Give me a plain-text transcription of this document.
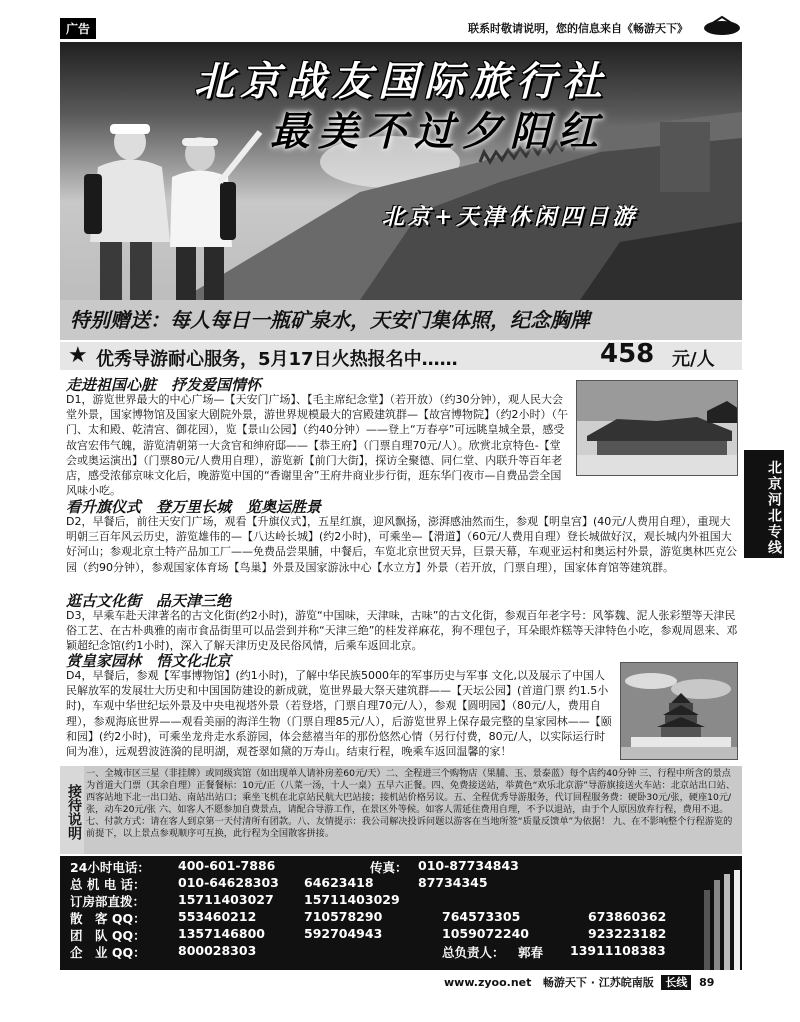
广告	联系时敬请说明，您的信息来自《畅游天下》
北京战友国际旅行社
最美不过夕阳红
北京+天津休闲四日游
特别赠送：每人每日一瓶矿泉水，天安门集体照，纪念胸牌
★ 优秀导游耐心服务，5月17日火热报名中……	458 元/人
走进祖国心脏　抒发爱国情怀
D1，游览世界最大的中心广场—【天安门广场】、【毛主席纪念堂】（若开放）（约30分钟），观人民大会堂外景，国家博物馆及国家大剧院外景，游世界规模最大的宫殿建筑群—【故宫博物院】（约2小时）（午门、太和殿、乾清宫、御花园），览【景山公园】（约40分钟）——登上“万春亭”可远眺皇城全景，感受故宫宏伟气魄，游览清朝第一大贪官和绅府邸——【恭王府】（门票自理70元/人）。欣赏北京特色-【堂会或奥运演出】（门票80元/人费用自理），游览新【前门大街】，探访全聚德、同仁堂、内联升等百年老店，感受浓郁京味文化后，晚游览中国的“香谢里舍”王府井商业步行街，逛东华门夜市—自费品尝全国风味小吃。
看升旗仪式　登万里长城　览奥运胜景
D2，早餐后，前往天安门广场，观看【升旗仪式】，五星红旗，迎风飘扬，澎湃感油然而生，参观【明皇宫】(40元/人费用自理），重现大明朝三百年风云历史，游览雄伟的—【八达岭长城】(约2小时)，可乘坐—【滑道】（60元/人费用自理）登长城做好汉，观长城内外祖国大好河山；参观北京土特产品加工厂——免费品尝果脯，中餐后，车览北京世贸天异，巨景天幕，车观亚运村和奥运村外景，游览奥林匹克公园（约90分钟），参观国家体育场【鸟巢】外景及国家游泳中心【水立方】外景（若开放，门票自理），国家体育馆等建筑群。
逛古文化街　品天津三绝
D3，早乘车赴天津著名的古文化街(约2小时)，游览“中国味，天津味，古味”的古文化街，参观百年老字号：风筝魏、泥人张彩塑等天津民俗工艺、在古朴典雅的南市食品街里可以品尝到并称“天津三绝”的桂发祥麻花，狗不理包子，耳朵眼炸糕等天津特色小吃，参观周恩来、邓颖超纪念馆(约1小时)，深入了解天津历史及民俗风情，后乘车返回北京。
赏皇家园林　悟文化北京
D4，早餐后，参观【军事博物馆】(约1小时)，了解中华民族5000年的军事历史与军事 文化,以及展示了中国人民解放军的发展壮大历史和中国国防建设的新成就，览世界最大祭天建筑群——【天坛公园】(首道门票 约1.5小时)，车观中华世纪坛外景及中央电视塔外景（若登塔，门票自理70元/人），参观【圆明园】（80元/人，费用自理），参观海底世界——观看美丽的海洋生物（门票自理85元/人），后游览世界上保存最完整的皇家园林——【颐和园】(约2小时)，可乘坐龙舟走水系游园，体会慈禧当年的那份悠然心情（另行付费，80元/人，以实际运行时间为准），远观碧波涟漪的昆明湖，观苍翠如黛的万寿山。结束行程，晚乘车返回温馨的家！
北京河北专线
接待说明
一、全城市区三星（非挂牌）或同级宾馆（如出现单人请补房差60元/天）二、全程进三个购物店（果脯、玉、景泰蓝）每个店约40分钟 三、行程中所含的景点为首道大门票（其余自理）正餐餐标：10元/正（八菜一汤，十人一桌）五早六正餐。四、免费接送站，举黄色“欢乐北京游”导游旗接送火车站：北京站出口站、西客站地下北一出口站、南站出站口；乘坐飞机在北京站民航大巴站接；接机站价格另议。五、全程优秀导游服务，代订回程服务费：硬卧30元/张，硬座10元/张，动车20元/张 六、如客人不愿参加自费景点，请配合导游工作，在景区外等候。如客人需延住费用自理，不予以退站，由于个人原因放弃行程，费用不退。七、付款方式：请在客人到京第一天付清所有团款。八、友情提示：我公司解决投诉问题以游客在当地所签“质量反馈单”为依据！ 九、在不影响整个行程游览的前提下，以上景点参观顺序可互换，此行程为全国散客拼接。
24小时电话： 400-601-7886	传真： 010-87734843
总 机 电 话：	010-64628303 64623418	87734345
订房部直拨：	15711403027 15711403029
散　客 QQ：	553460212	710578290	764573305	673860362
团　队 QQ：	1357146800	592704943	1059072240	923223182
企　业 QQ：	800028303	总负责人： 郭春 13911108383
www.zyoo.net 畅游天下 · 江苏皖南版 长线 89
